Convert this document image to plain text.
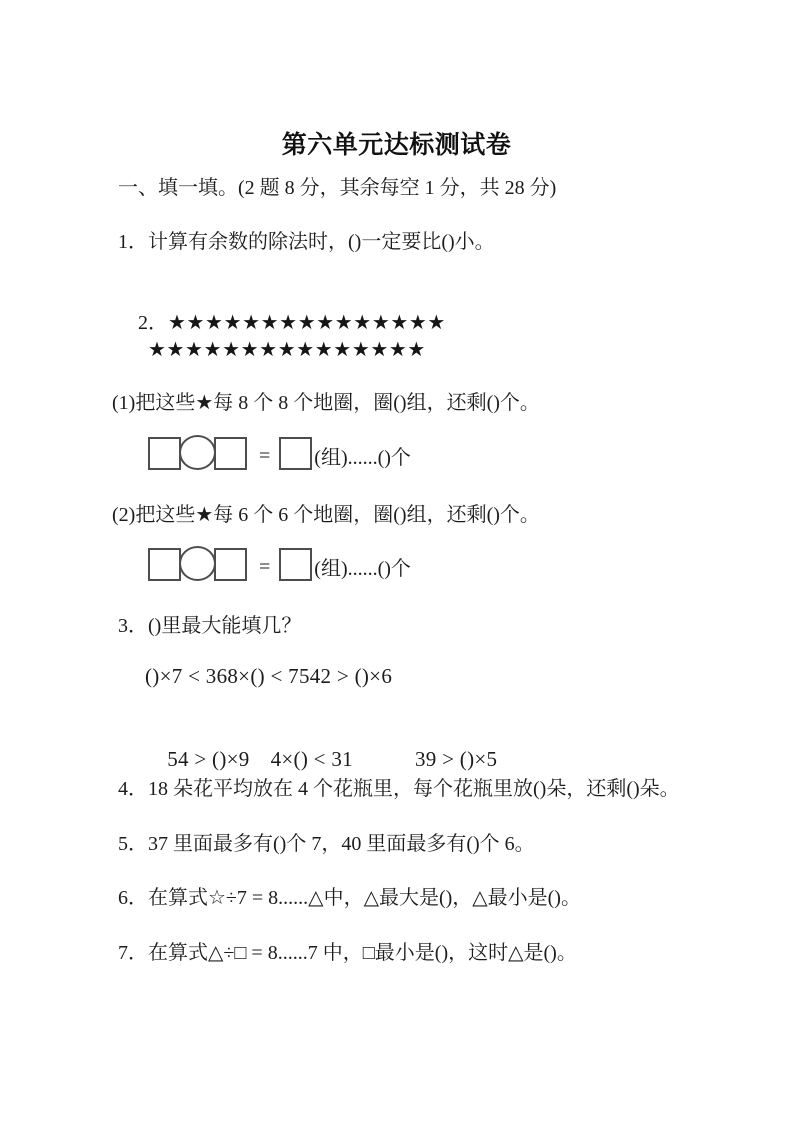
第六单元达标测试卷
一、填一填。(2 题 8 分，其余每空 1 分，共 28 分)
1．计算有余数的除法时，()一定要比()小。

2．★★★★★★★★★★★★★★★

★★★★★★★★★★★★★★★
(1)把这些★每 8 个 8 个地圈，圈()组，还剩()个。
= (组)......()个
(2)把这些★每 6 个 6 个地圈，圈()组，还剩()个。
= (组)......()个
3．()里最大能填几？
()×7 < 368×() < 7542 > ()×6

54 > ()×9 4×() < 31	39 > ()×5

4．18 朵花平均放在 4 个花瓶里，每个花瓶里放()朵，还剩()朵。
5．37 里面最多有()个 7，40 里面最多有()个 6。
6．在算式☆÷7 = 8......△中，△最大是()，△最小是()。
7．在算式△÷□ = 8......7 中，□最小是()，这时△是()。
